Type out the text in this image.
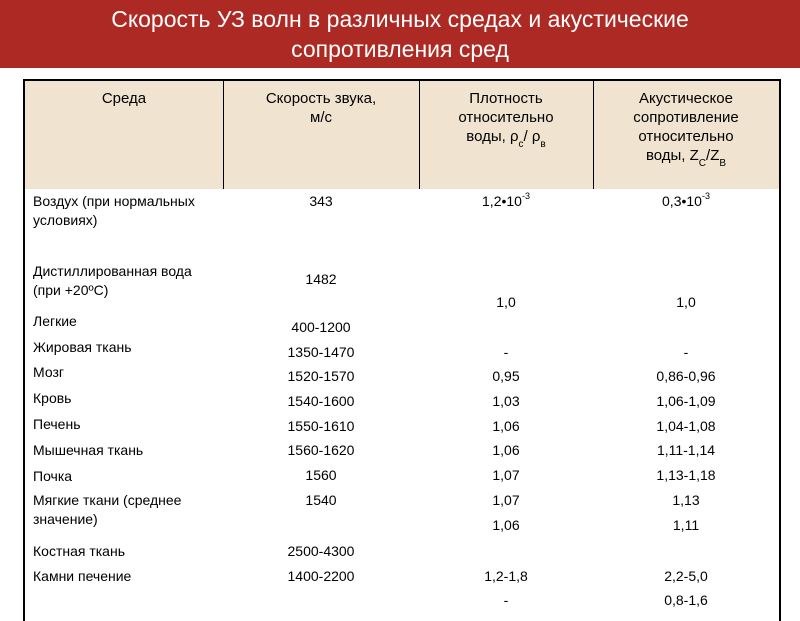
Скорость УЗ волн в различных средах и акустические
сопротивления сред
Среда	Скорость звука,
м/с
Плотность
относительно
воды, $\rho_c/$ $\rho_в$
Акустическое
сопротивление
относительно
воды, $Z_C/Z_B$
Воздух (при нормальных условиях)
Дистиллированная вода (при +20ºС)
Легкие
Жировая ткань
Мозг
Кровь
Печень
Мышечная ткань
Почка
Мягкие ткани (среднее значение)
Костная ткань
Камни печение
343
1482
400-1200
1350-1470
1520-1570
1540-1600
1550-1610
1560-1620
1560
1540
2500-4300
1400-2200
$1,2•10^{-3}$
1,0
-
0,95
1,03
1,06
1,06
1,07
1,07
1,06
1,2-1,8
-
$0,3•10^{-3}$
1,0
-
0,86-0,96
1,06-1,09
1,04-1,08
1,11-1,14
1,13-1,18
1,13
1,11
2,2-5,0
0,8-1,6
